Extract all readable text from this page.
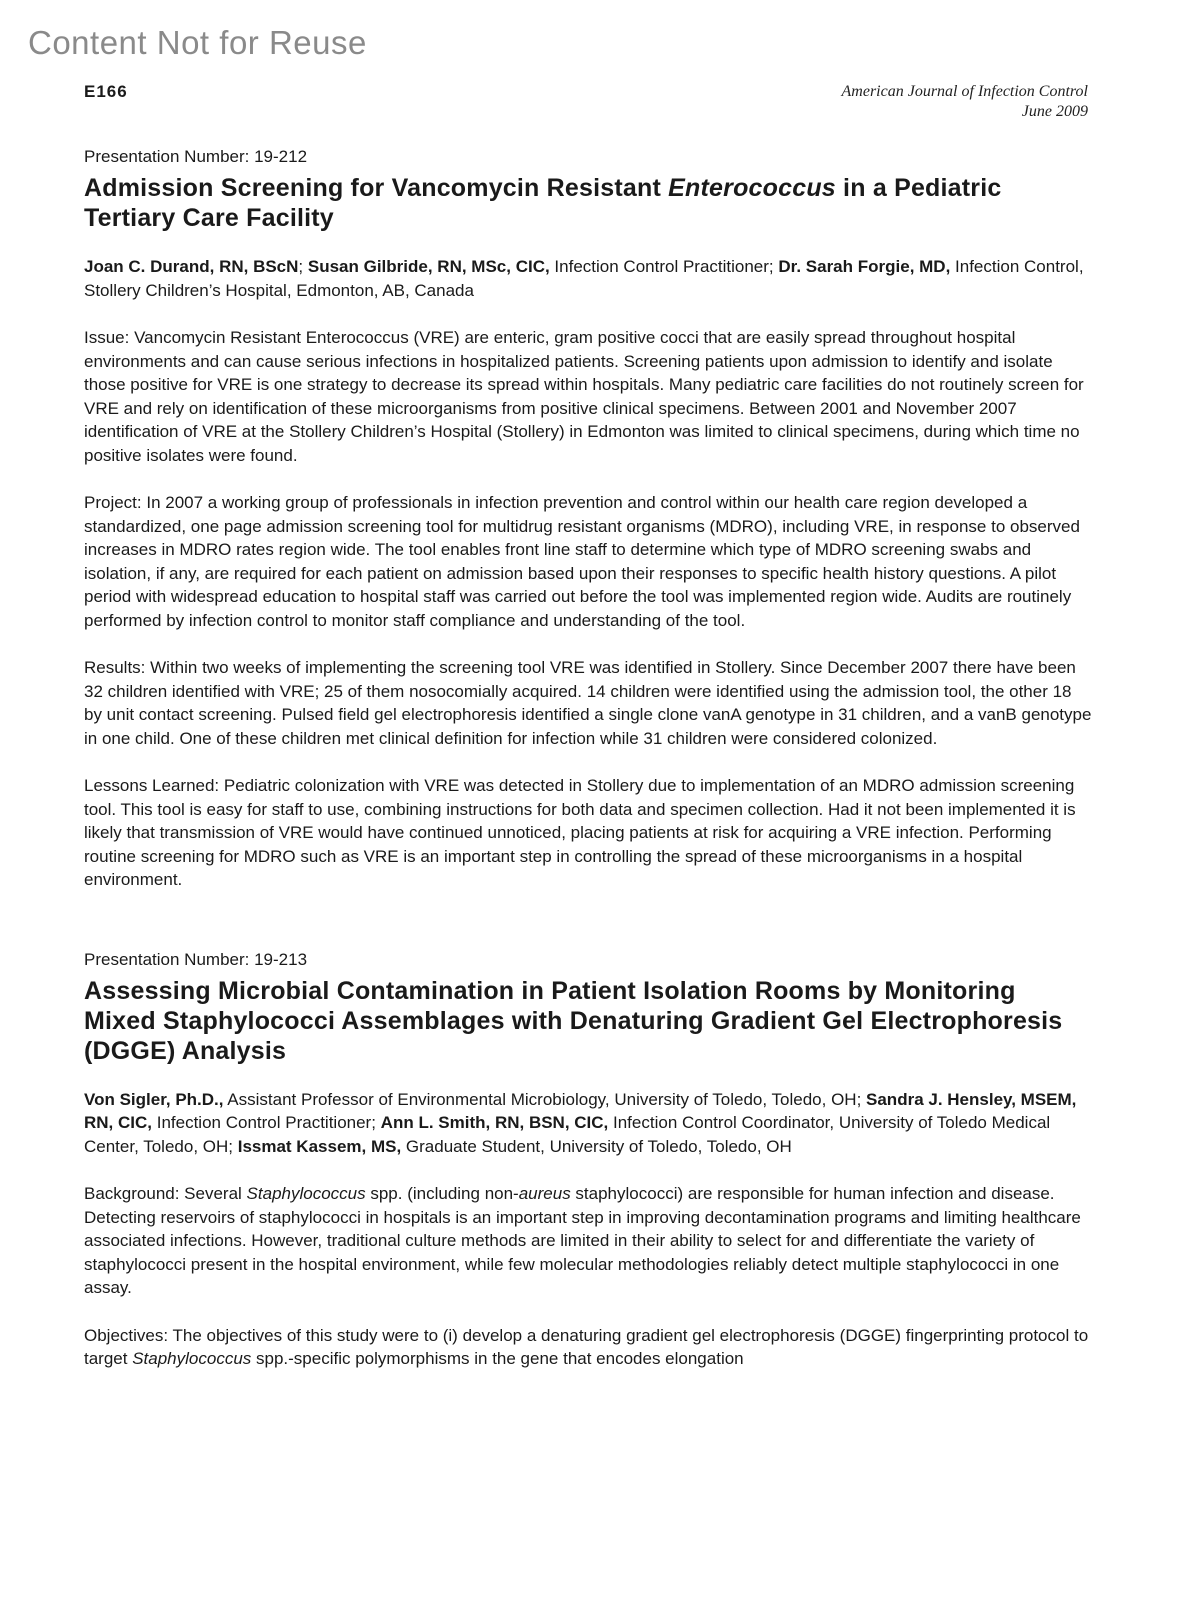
Content Not for Reuse
E166	American Journal of Infection Control
June 2009

Presentation Number: 19-212

Admission Screening for Vancomycin Resistant Enterococcus in a Pediatric Tertiary Care Facility

Joan C. Durand, RN, BScN; Susan Gilbride, RN, MSc, CIC, Infection Control Practitioner; Dr. Sarah Forgie, MD, Infection Control, Stollery Children’s Hospital, Edmonton, AB, Canada

Issue: Vancomycin Resistant Enterococcus (VRE) are enteric, gram positive cocci that are easily spread throughout hospital environments and can cause serious infections in hospitalized patients. Screening patients upon admission to identify and isolate those positive for VRE is one strategy to decrease its spread within hospitals. Many pediatric care facilities do not routinely screen for VRE and rely on identification of these microorganisms from positive clinical specimens. Between 2001 and November 2007 identification of VRE at the Stollery Children’s Hospital (Stollery) in Edmonton was limited to clinical specimens, during which time no positive isolates were found.

Project: In 2007 a working group of professionals in infection prevention and control within our health care region developed a standardized, one page admission screening tool for multidrug resistant organisms (MDRO), including VRE, in response to observed increases in MDRO rates region wide. The tool enables front line staff to determine which type of MDRO screening swabs and isolation, if any, are required for each patient on admission based upon their responses to specific health history questions. A pilot period with widespread education to hospital staff was carried out before the tool was implemented region wide. Audits are routinely performed by infection control to monitor staff compliance and understanding of the tool.

Results: Within two weeks of implementing the screening tool VRE was identified in Stollery. Since December 2007 there have been 32 children identified with VRE; 25 of them nosocomially acquired. 14 children were identified using the admission tool, the other 18 by unit contact screening. Pulsed field gel electrophoresis identified a single clone vanA genotype in 31 children, and a vanB genotype in one child. One of these children met clinical definition for infection while 31 children were considered colonized.

Lessons Learned: Pediatric colonization with VRE was detected in Stollery due to implementation of an MDRO admission screening tool. This tool is easy for staff to use, combining instructions for both data and specimen collection. Had it not been implemented it is likely that transmission of VRE would have continued unnoticed, placing patients at risk for acquiring a VRE infection. Performing routine screening for MDRO such as VRE is an important step in controlling the spread of these microorganisms in a hospital environment.

Presentation Number: 19-213

Assessing Microbial Contamination in Patient Isolation Rooms by Monitoring Mixed Staphylococci Assemblages with Denaturing Gradient Gel Electrophoresis (DGGE) Analysis

Von Sigler, Ph.D., Assistant Professor of Environmental Microbiology, University of Toledo, Toledo, OH; Sandra J. Hensley, MSEM, RN, CIC, Infection Control Practitioner; Ann L. Smith, RN, BSN, CIC, Infection Control Coordinator, University of Toledo Medical Center, Toledo, OH; Issmat Kassem, MS, Graduate Student, University of Toledo, Toledo, OH

Background: Several Staphylococcus spp. (including non-aureus staphylococci) are responsible for human infection and disease. Detecting reservoirs of staphylococci in hospitals is an important step in improving decontamination programs and limiting healthcare associated infections. However, traditional culture methods are limited in their ability to select for and differentiate the variety of staphylococci present in the hospital environment, while few molecular methodologies reliably detect multiple staphylococci in one assay.

Objectives: The objectives of this study were to (i) develop a denaturing gradient gel electrophoresis (DGGE) fingerprinting protocol to target Staphylococcus spp.-specific polymorphisms in the gene that encodes elongation
